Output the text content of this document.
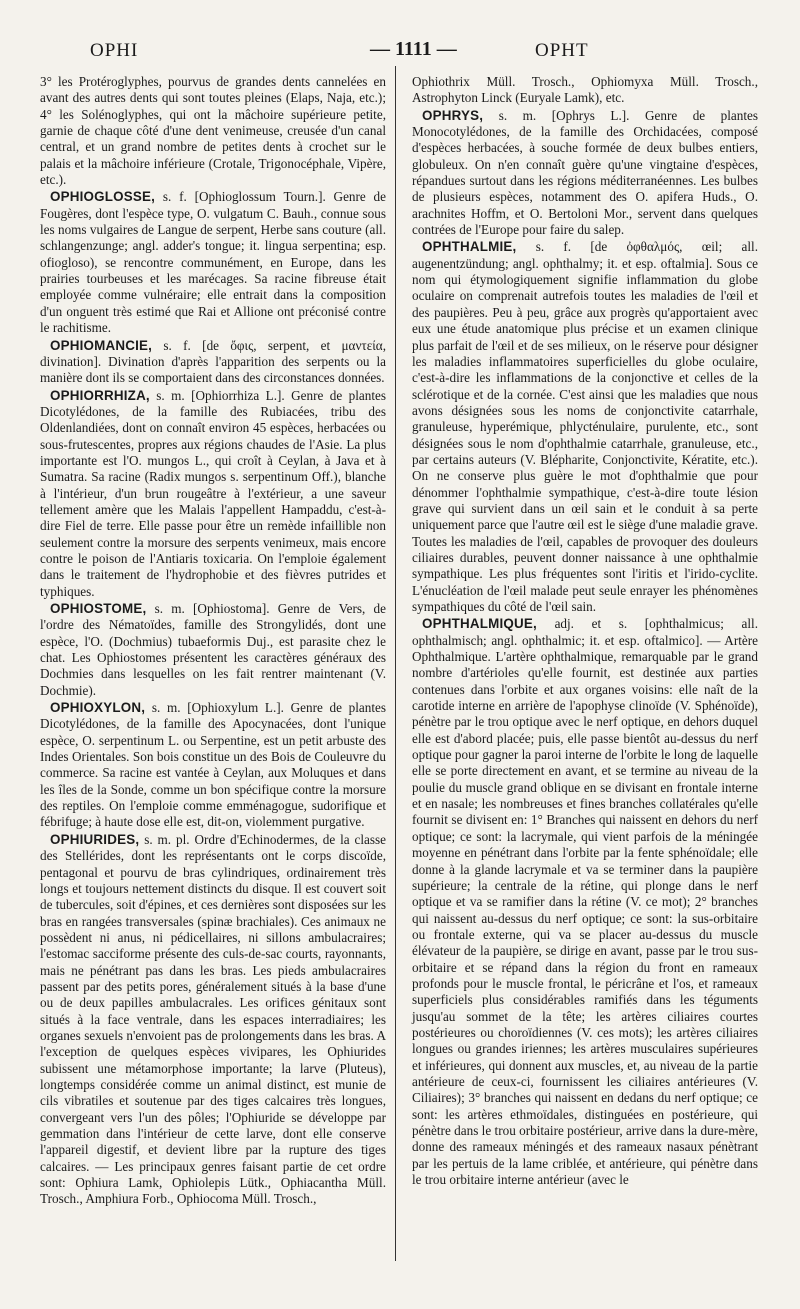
OPHI	— 1111 —	OPHT

3° les Protéroglyphes, pourvus de grandes dents cannelées en avant des autres dents qui sont toutes pleines (Elaps, Naja, etc.); 4° les Solénoglyphes, qui ont la mâchoire supérieure petite, garnie de chaque côté d'une dent venimeuse, creusée d'un canal central, et un grand nombre de petites dents à crochet sur le palais et la mâchoire inférieure (Crotale, Trigonocéphale, Vipère, etc.).

OPHIOGLOSSE, s. f. [Ophioglossum Tourn.]. Genre de Fougères, dont l'espèce type, O. vulgatum C. Bauh., connue sous les noms vulgaires de Langue de serpent, Herbe sans couture (all. schlangenzunge; angl. adder's tongue; it. lingua serpentina; esp. ofioglosо), se rencontre communément, en Europe, dans les prairies tourbeuses et les marécages. Sa racine fibreuse était employée comme vulnéraire; elle entrait dans la composition d'un onguent très estimé que Rai et Allione ont préconisé contre le rachitisme.

OPHIOMANCIE, s. f. [de ὄφις, serpent, et μαντεία, divination]. Divination d'après l'apparition des serpents ou la manière dont ils se comportaient dans des circonstances données.

OPHIORRHIZA, s. m. [Ophiorrhiza L.]. Genre de plantes Dicotylédones, de la famille des Rubiacées, tribu des Oldenlandiées, dont on connaît environ 45 espèces, herbacées ou sous-frutescentes, propres aux régions chaudes de l'Asie. La plus importante est l'O. mungos L., qui croît à Ceylan, à Java et à Sumatra. Sa racine (Radix mungos s. serpentinum Off.), blanche à l'intérieur, d'un brun rougeâtre à l'extérieur, a une saveur tellement amère que les Malais l'appellent Hampaddu, c'est-à-dire Fiel de terre. Elle passe pour être un remède infaillible non seulement contre la morsure des serpents venimeux, mais encore contre le poison de l'Antiaris toxicaria. On l'emploie également dans le traitement de l'hydrophobie et des fièvres putrides et typhiques.

OPHIOSTOME, s. m. [Ophiostoma]. Genre de Vers, de l'ordre des Nématoïdes, famille des Strongylidés, dont une espèce, l'O. (Dochmius) tubaeformis Duj., est parasite chez le chat. Les Ophiostomes présentent les caractères généraux des Dochmies dans lesquelles on les fait rentrer maintenant (V. Dochmie).

OPHIOXYLON, s. m. [Ophioxylum L.]. Genre de plantes Dicotylédones, de la famille des Apocynacées, dont l'unique espèce, O. serpentinum L. ou Serpentine, est un petit arbuste des Indes Orientales. Son bois constitue un des Bois de Couleuvre du commerce. Sa racine est vantée à Ceylan, aux Moluques et dans les îles de la Sonde, comme un bon spécifique contre la morsure des reptiles. On l'emploie comme emménagogue, sudorifique et fébrifuge; à haute dose elle est, dit-on, violemment purgative.

OPHIURIDES, s. m. pl. Ordre d'Echinodermes, de la classe des Stellérides, dont les représentants ont le corps discoïde, pentagonal et pourvu de bras cylindriques, ordinairement très longs et toujours nettement distincts du disque. Il est couvert soit de tubercules, soit d'épines, et ces dernières sont disposées sur les bras en rangées transversales (spinæ brachiales). Ces animaux ne possèdent ni anus, ni pédicellaires, ni sillons ambulacraires; l'estomac sacciforme présente des culs-de-sac courts, rayonnants, mais ne pénétrant pas dans les bras. Les pieds ambulacraires passent par des petits pores, généralement situés à la base d'une ou de deux papilles ambulacrales. Les orifices génitaux sont situés à la face ventrale, dans les espaces interradiaires; les organes sexuels n'envoient pas de prolongements dans les bras. A l'exception de quelques espèces vivipares, les Ophiurides subissent une métamorphose importante; la larve (Pluteus), longtemps considérée comme un animal distinct, est munie de cils vibratiles et soutenue par des tiges calcaires très longues, convergeant vers l'un des pôles; l'Ophiuride se développe par gemmation dans l'intérieur de cette larve, dont elle conserve l'appareil digestif, et devient libre par la rupture des tiges calcaires. — Les principaux genres faisant partie de cet ordre sont: Ophiura Lamk, Ophiolepis Lütk., Ophiacantha Müll. Trosch., Amphiura Forb., Ophiocoma Müll. Trosch.,

Ophiothrix Müll. Trosch., Ophiomyxa Müll. Trosch., Astrophyton Linck (Euryale Lamk), etc.

OPHRYS, s. m. [Ophrys L.]. Genre de plantes Monocotylédones, de la famille des Orchidacées, composé d'espèces herbacées, à souche formée de deux bulbes entiers, globuleux. On n'en connaît guère qu'une vingtaine d'espèces, répandues surtout dans les régions méditerranéennes. Les bulbes de plusieurs espèces, notamment des O. apifera Huds., O. arachnites Hoffm, et O. Bertoloni Mor., servent dans quelques contrées de l'Europe pour faire du salep.

OPHTHALMIE, s. f. [de ὀφθαλμός, œil; all. augenentzündung; angl. ophthalmy; it. et esp. oftalmia]. Sous ce nom qui étymologiquement signifie inflammation du globe oculaire on comprenait autrefois toutes les maladies de l'œil et des paupières. Peu à peu, grâce aux progrès qu'apportaient avec eux une étude anatomique plus précise et un examen clinique plus parfait de l'œil et de ses milieux, on le réserve pour désigner les maladies inflammatoires superficielles du globe oculaire, c'est-à-dire les inflammations de la conjonctive et celles de la sclérotique et de la cornée. C'est ainsi que les maladies que nous avons désignées sous les noms de conjonctivite catarrhale, granuleuse, hyperémique, phlycténulaire, purulente, etc., sont désignées sous le nom d'ophthalmie catarrhale, granuleuse, etc., par certains auteurs (V. Blépharite, Conjonctivite, Kératite, etc.). On ne conserve plus guère le mot d'ophthalmie que pour dénommer l'ophthalmie sympathique, c'est-à-dire toute lésion grave qui survient dans un œil sain et le conduit à sa perte uniquement parce que l'autre œil est le siège d'une maladie grave. Toutes les maladies de l'œil, capables de provoquer des douleurs ciliaires durables, peuvent donner naissance à une ophthalmie sympathique. Les plus fréquentes sont l'iritis et l'irido-cyclite. L'énucléation de l'œil malade peut seule enrayer les phénomènes sympathiques du côté de l'œil sain.

OPHTHALMIQUE, adj. et s. [ophthalmicus; all. ophthalmisch; angl. ophthalmic; it. et esp. oftalmico]. — Artère Ophthalmique. L'artère ophthalmique, remarquable par le grand nombre d'artérioles qu'elle fournit, est destinée aux parties contenues dans l'orbite et aux organes voisins: elle naît de la carotide interne en arrière de l'apophyse clinoïde (V. Sphénoïde), pénètre par le trou optique avec le nerf optique, en dehors duquel elle est d'abord placée; puis, elle passe bientôt au-dessus du nerf optique pour gagner la paroi interne de l'orbite le long de laquelle elle se porte directement en avant, et se termine au niveau de la poulie du muscle grand oblique en se divisant en frontale interne et en nasale; les nombreuses et fines branches collatérales qu'elle fournit se divisent en: 1° Branches qui naissent en dehors du nerf optique; ce sont: la lacrymale, qui vient parfois de la méningée moyenne en pénétrant dans l'orbite par la fente sphénoïdale; elle donne à la glande lacrymale et va se terminer dans la paupière supérieure; la centrale de la rétine, qui plonge dans le nerf optique et va se ramifier dans la rétine (V. ce mot); 2° branches qui naissent au-dessus du nerf optique; ce sont: la sus-orbitaire ou frontale externe, qui va se placer au-dessus du muscle élévateur de la paupière, se dirige en avant, passe par le trou sus-orbitaire et se répand dans la région du front en rameaux profonds pour le muscle frontal, le péricrâne et l'os, et rameaux superficiels plus considérables ramifiés dans les téguments jusqu'au sommet de la tête; les artères ciliaires courtes postérieures ou choroïdiennes (V. ces mots); les artères ciliaires longues ou grandes iriennes; les artères musculaires supérieures et inférieures, qui donnent aux muscles, et, au niveau de la partie antérieure de ceux-ci, fournissent les ciliaires antérieures (V. Ciliaires); 3° branches qui naissent en dedans du nerf optique; ce sont: les artères ethmoïdales, distinguées en postérieure, qui pénètre dans le trou orbitaire postérieur, arrive dans la dure-mère, donne des rameaux méningés et des rameaux nasaux pénètrant par les pertuis de la lame criblée, et antérieure, qui pénètre dans le trou orbitaire interne antérieur (avec le
